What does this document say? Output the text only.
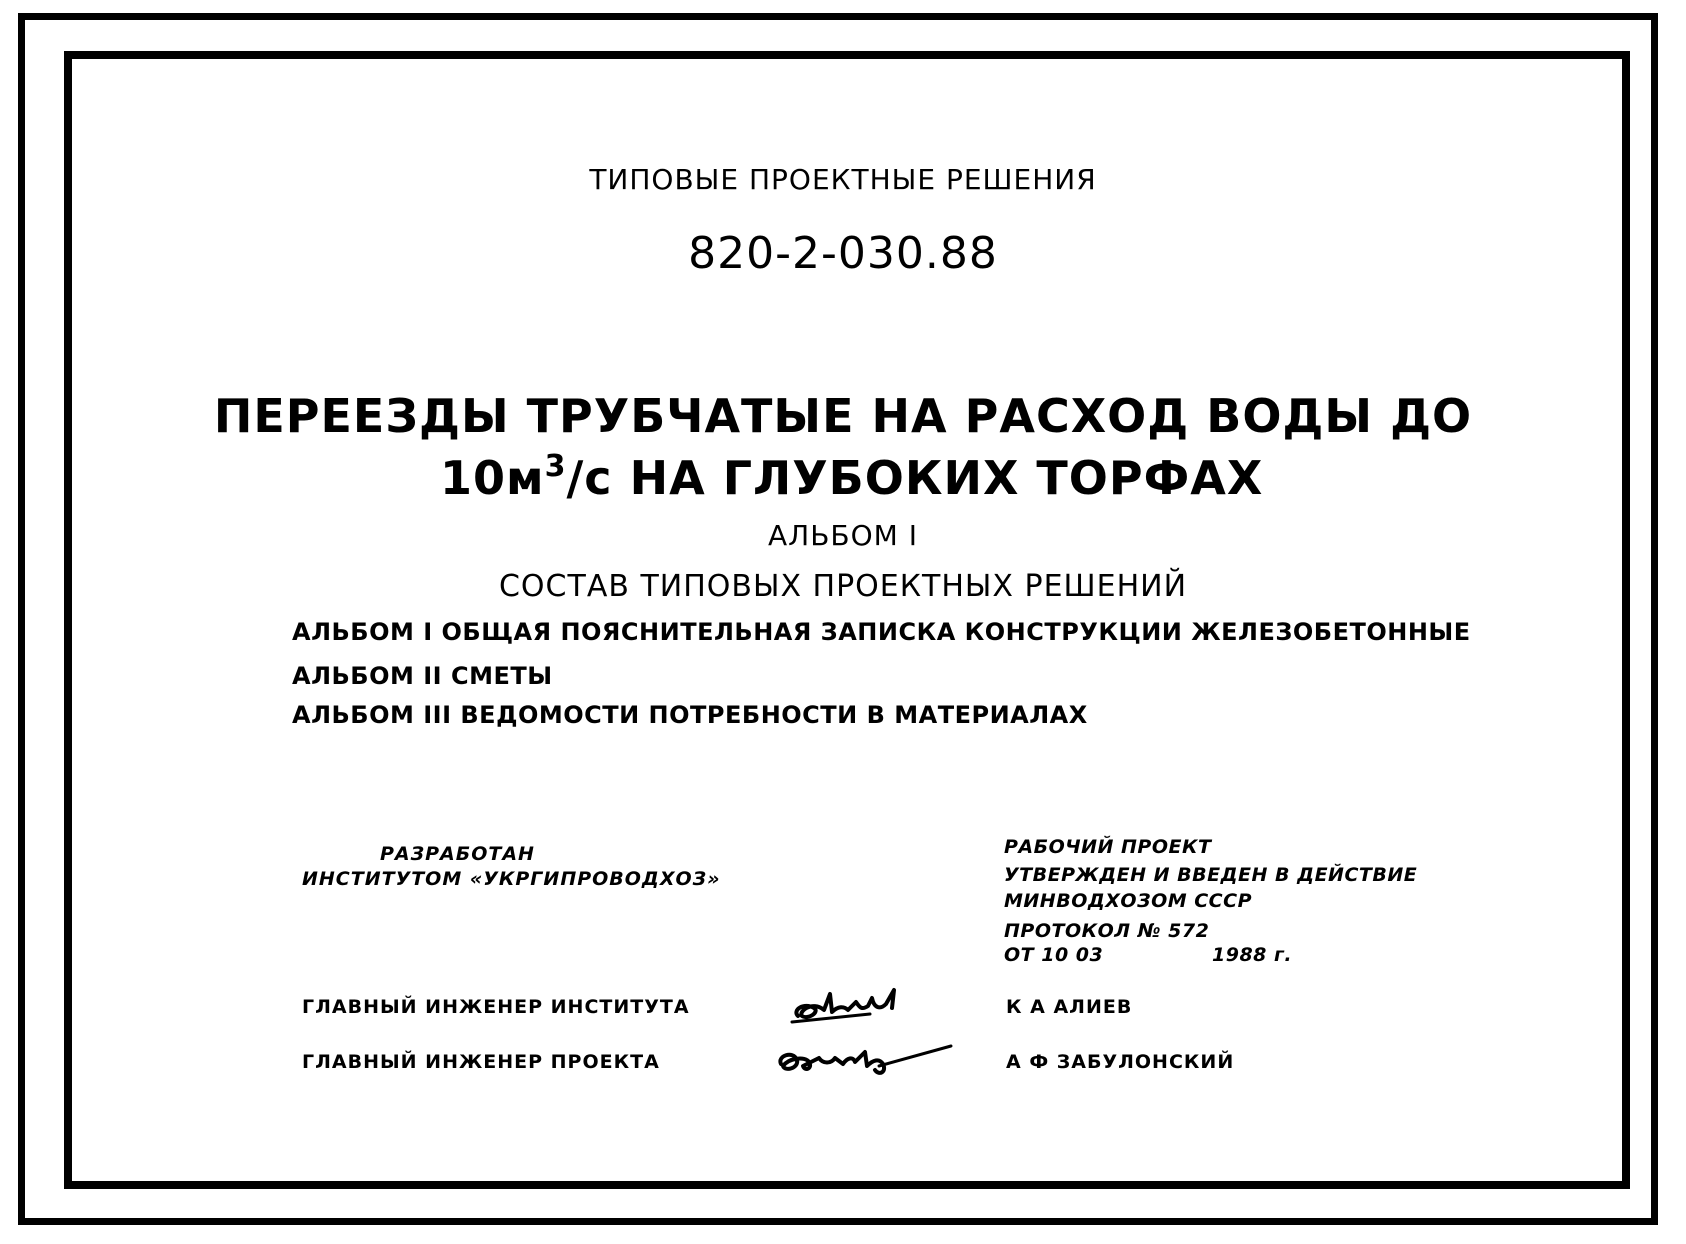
ТИПОВЫЕ ПРОЕКТНЫЕ РЕШЕНИЯ
820-2-030.88
ПЕРЕЕЗДЫ ТРУБЧАТЫЕ НА РАСХОД ВОДЫ ДО
$10м^3/с$ НА ГЛУБОКИХ ТОРФАХ
АЛЬБОМ I
СОСТАВ ТИПОВЫХ ПРОЕКТНЫХ РЕШЕНИЙ
АЛЬБОМ I ОБЩАЯ ПОЯСНИТЕЛЬНАЯ ЗАПИСКА КОНСТРУКЦИИ ЖЕЛЕЗОБЕТОННЫЕ
АЛЬБОМ II СМЕТЫ
АЛЬБОМ III ВЕДОМОСТИ ПОТРЕБНОСТИ В МАТЕРИАЛАХ
РАЗРАБОТАН
ИНСТИТУТОМ «УКРГИПРОВОДХОЗ»
РАБОЧИЙ ПРОЕКТ
УТВЕРЖДЕН И ВВЕДЕН В ДЕЙСТВИЕ
МИНВОДХОЗОМ СССР
ПРОТОКОЛ № 572
ОТ 10 03	1988 г.
ГЛАВНЫЙ ИНЖЕНЕР ИНСТИТУТА	К А АЛИЕВ
ГЛАВНЫЙ ИНЖЕНЕР ПРОЕКТА	А Ф ЗАБУЛОНСКИЙ
